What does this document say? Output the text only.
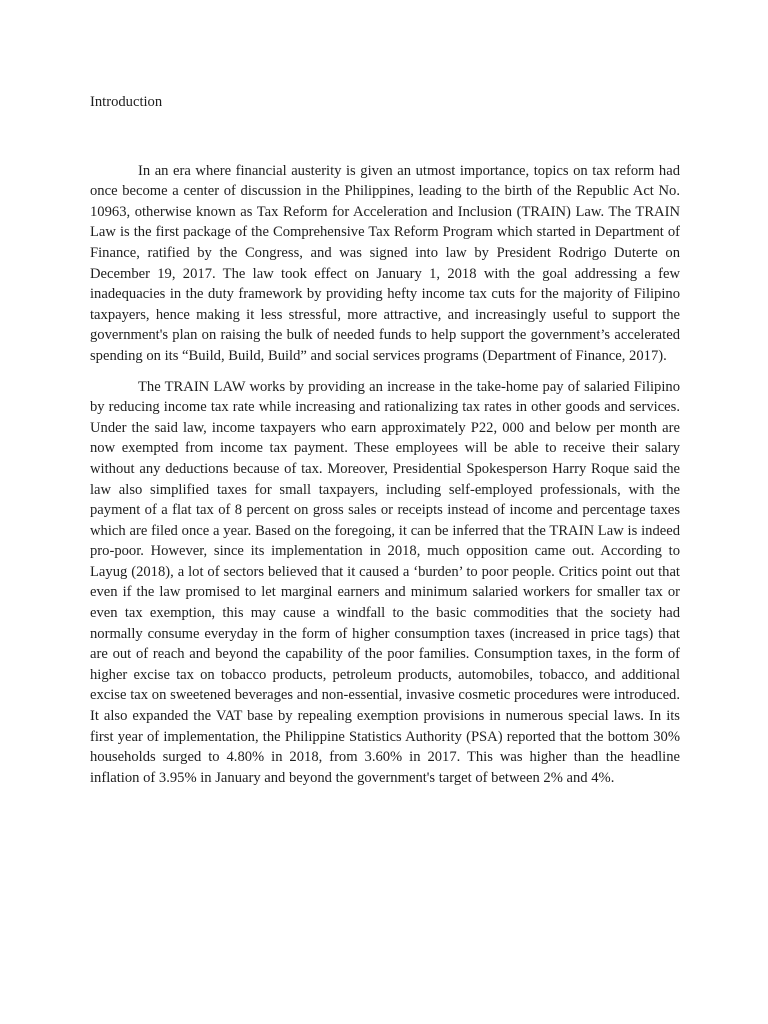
Introduction

In an era where financial austerity is given an utmost importance, topics on tax reform had once become a center of discussion in the Philippines, leading to the birth of the Republic Act No. 10963, otherwise known as Tax Reform for Acceleration and Inclusion (TRAIN) Law. The TRAIN Law is the first package of the Comprehensive Tax Reform Program which started in Department of Finance, ratified by the Congress, and was signed into law by President Rodrigo Duterte on December 19, 2017. The law took effect on January 1, 2018 with the goal addressing a few inadequacies in the duty framework by providing hefty income tax cuts for the majority of Filipino taxpayers, hence making it less stressful, more attractive, and increasingly useful to support the government's plan on raising the bulk of needed funds to help support the government’s accelerated spending on its “Build, Build, Build” and social services programs (Department of Finance, 2017).

The TRAIN LAW works by providing an increase in the take-home pay of salaried Filipino by reducing income tax rate while increasing and rationalizing tax rates in other goods and services. Under the said law, income taxpayers who earn approximately P22, 000 and below per month are now exempted from income tax payment. These employees will be able to receive their salary without any deductions because of tax. Moreover, Presidential Spokesperson Harry Roque said the law also simplified taxes for small taxpayers, including self-employed professionals, with the payment of a flat tax of 8 percent on gross sales or receipts instead of income and percentage taxes which are filed once a year. Based on the foregoing, it can be inferred that the TRAIN Law is indeed pro-poor. However, since its implementation in 2018, much opposition came out. According to Layug (2018), a lot of sectors believed that it caused a ‘burden’ to poor people. Critics point out that even if the law promised to let marginal earners and minimum salaried workers for smaller tax or even tax exemption, this may cause a windfall to the basic commodities that the society had normally consume everyday in the form of higher consumption taxes (increased in price tags) that are out of reach and beyond the capability of the poor families. Consumption taxes, in the form of higher excise tax on tobacco products, petroleum products, automobiles, tobacco, and additional excise tax on sweetened beverages and non-essential, invasive cosmetic procedures were introduced. It also expanded the VAT base by repealing exemption provisions in numerous special laws. In its first year of implementation, the Philippine Statistics Authority (PSA) reported that the bottom 30% households surged to 4.80% in 2018, from 3.60% in 2017. This was higher than the headline inflation of 3.95% in January and beyond the government's target of between 2% and 4%.
